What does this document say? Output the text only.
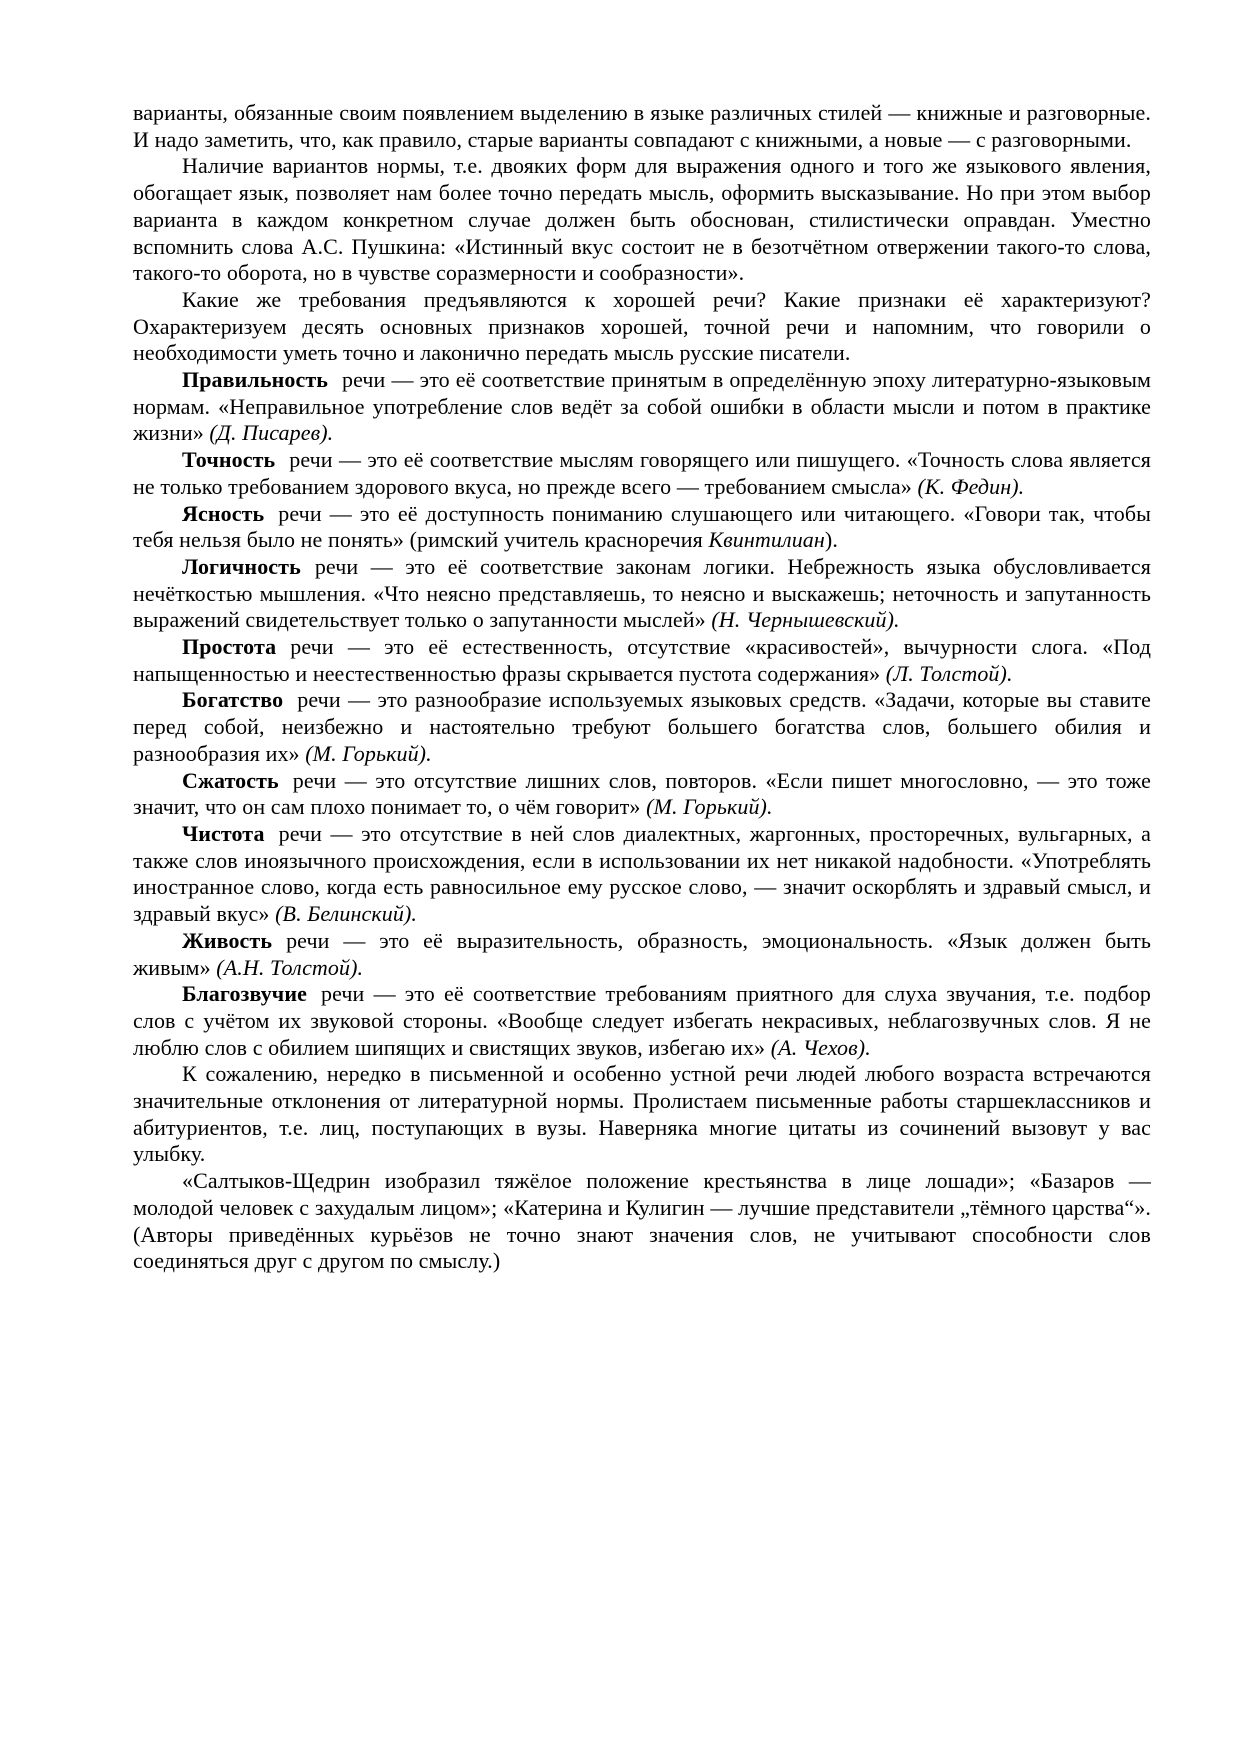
варианты, обязанные своим появлением выделению в языке различных стилей — книжные и разговорные. И надо заметить, что, как правило, старые варианты совпадают с книжными, а новые — с разговорными.

Наличие вариантов нормы, т.е. двояких форм для выражения одного и того же языкового явления, обогащает язык, позволяет нам более точно передать мысль, оформить высказывание. Но при этом выбор варианта в каждом конкретном случае должен быть обоснован, стилистически оправдан. Уместно вспомнить слова А.С. Пушкина: «Истинный вкус состоит не в безотчётном отвержении такого-то слова, такого-то оборота, но в чувстве соразмерности и сообразности».

Какие же требования предъявляются к хорошей речи? Какие признаки её характеризуют? Охарактеризуем десять основных признаков хорошей, точной речи и напомним, что говорили о необходимости уметь точно и лаконично передать мысль русские писатели.

Правильность речи — это её соответствие принятым в определённую эпоху литературно-языковым нормам. «Неправильное употребление слов ведёт за собой ошибки в области мысли и потом в практике жизни» (Д. Писарев).

Точность речи — это её соответствие мыслям говорящего или пишущего. «Точность слова является не только требованием здорового вкуса, но прежде всего — требованием смысла» (К. Федин).

Ясность речи — это её доступность пониманию слушающего или читающего. «Говори так, чтобы тебя нельзя было не понять» (римский учитель красноречия Квинтилиан).

Логичность речи — это её соответствие законам логики. Небрежность языка обусловливается нечёткостью мышления. «Что неясно представляешь, то неясно и выскажешь; неточность и запутанность выражений свидетельствует только о запутанности мыслей» (Н. Чернышевский).

Простота речи — это её естественность, отсутствие «красивостей», вычурности слога. «Под напыщенностью и неестественностью фразы скрывается пустота содержания» (Л. Толстой).

Богатство речи — это разнообразие используемых языковых средств. «Задачи, которые вы ставите перед собой, неизбежно и настоятельно требуют большего богатства слов, большего обилия и разнообразия их» (М. Горький).

Сжатость речи — это отсутствие лишних слов, повторов. «Если пишет многословно, — это тоже значит, что он сам плохо понимает то, о чём говорит» (М. Горький).

Чистота речи — это отсутствие в ней слов диалектных, жаргонных, просторечных, вульгарных, а также слов иноязычного происхождения, если в использовании их нет никакой надобности. «Употреблять иностранное слово, когда есть равносильное ему русское слово, — значит оскорблять и здравый смысл, и здравый вкус» (В. Белинский).

Живость речи — это её выразительность, образность, эмоциональность. «Язык должен быть живым» (А.Н. Толстой).

Благозвучие речи — это её соответствие требованиям приятного для слуха звучания, т.е. подбор слов с учётом их звуковой стороны. «Вообще следует избегать некрасивых, неблагозвучных слов. Я не люблю слов с обилием шипящих и свистящих звуков, избегаю их» (А. Чехов).

К сожалению, нередко в письменной и особенно устной речи людей любого возраста встречаются значительные отклонения от литературной нормы. Пролистаем письменные работы старшеклассников и абитуриентов, т.е. лиц, поступающих в вузы. Наверняка многие цитаты из сочинений вызовут у вас улыбку.

«Салтыков-Щедрин изобразил тяжёлое положение крестьянства в лице лошади»; «Базаров — молодой человек с захудалым лицом»; «Катерина и Кулигин — лучшие представители „тёмного царства“». (Авторы приведённых курьёзов не точно знают значения слов, не учитывают способности слов соединяться друг с другом по смыслу.)
